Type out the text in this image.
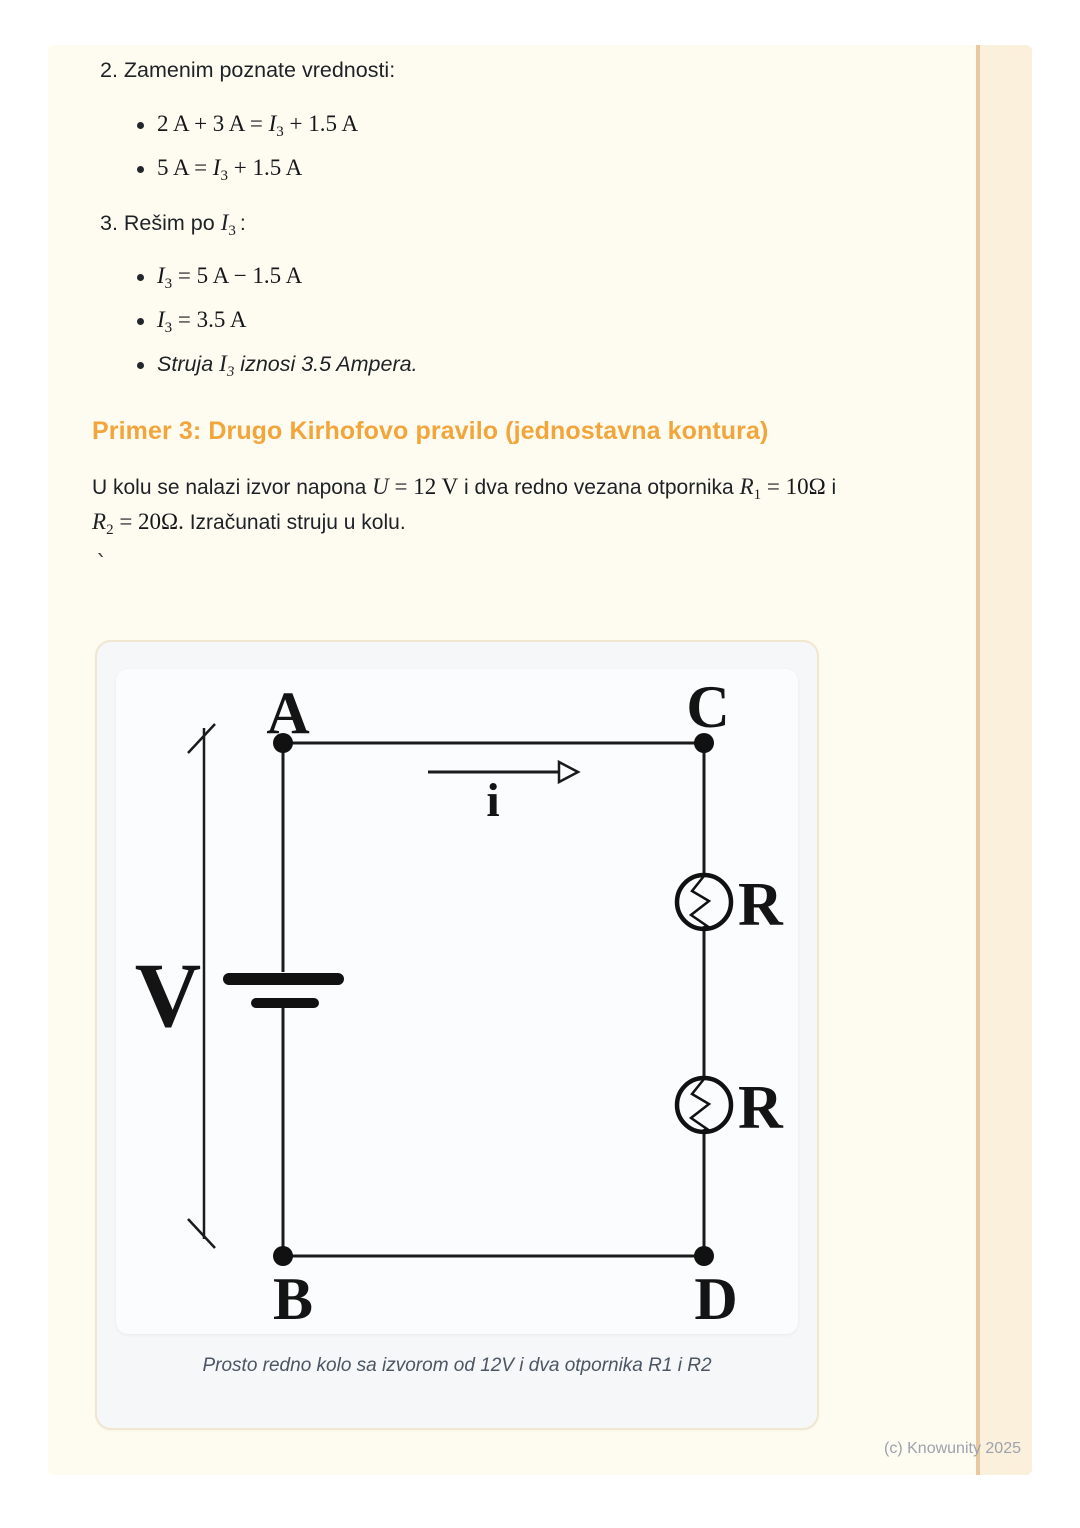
2. Zamenim poznate vrednosti:
2 A + 3 $A = I_3 + 1.5$ A
5 $A = I_3 + 1.5$ A
3. Rešim po $I_3$ :
$I_3 = 5$ A − 1.5 A
$I_3 = 3.5$ A
Struja $I_3$ iznosi 3.5 Ampera.
Primer 3: Drugo Kirhofovo pravilo (jednostavna kontura)
U kolu se nalazi izvor napona U = 12 V i dva redno vezana otpornika $R_1 = 10\Omega$ i
$R_2 = 20\Omega$. Izračunati struju u kolu.
`
A	C
B	D
V
R
R
i
Prosto redno kolo sa izvorom od 12V i dva otpornika R1 i R2
(c) Knowunity 2025
